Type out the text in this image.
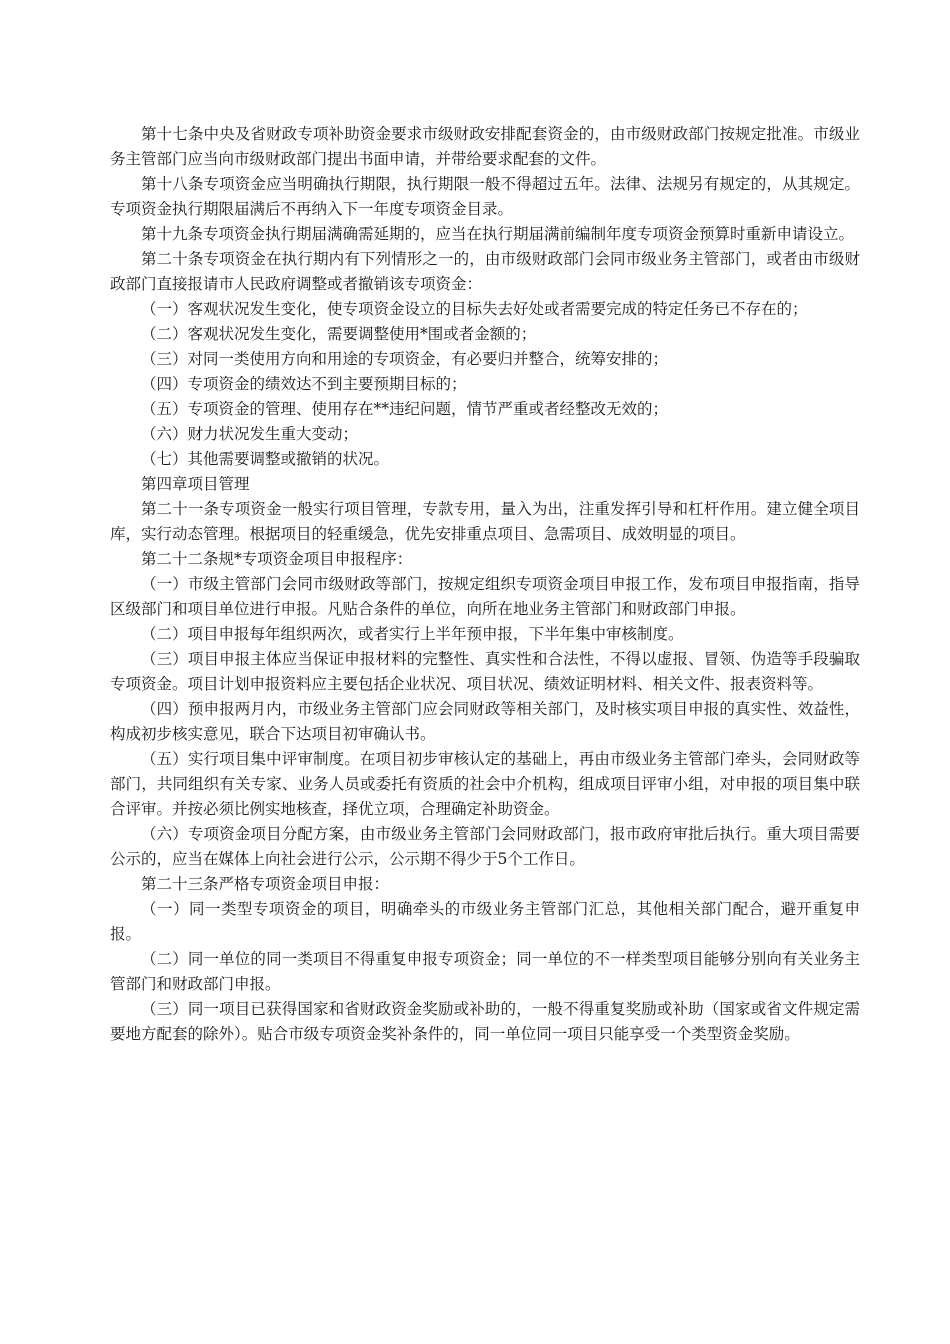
第十七条中央及省财政专项补助资金要求市级财政安排配套资金的，由市级财政部门按规定批准。市级业务主管部门应当向市级财政部门提出书面申请，并带给要求配套的文件。

第十八条专项资金应当明确执行期限，执行期限一般不得超过五年。法律、法规另有规定的，从其规定。专项资金执行期限届满后不再纳入下一年度专项资金目录。

第十九条专项资金执行期届满确需延期的，应当在执行期届满前编制年度专项资金预算时重新申请设立。

第二十条专项资金在执行期内有下列情形之一的，由市级财政部门会同市级业务主管部门，或者由市级财政部门直接报请市人民政府调整或者撤销该专项资金：

（一）客观状况发生变化，使专项资金设立的目标失去好处或者需要完成的特定任务已不存在的；

（二）客观状况发生变化，需要调整使用*围或者金额的；

（三）对同一类使用方向和用途的专项资金，有必要归并整合，统筹安排的；

（四）专项资金的绩效达不到主要预期目标的；

（五）专项资金的管理、使用存在**违纪问题，情节严重或者经整改无效的；

（六）财力状况发生重大变动；

（七）其他需要调整或撤销的状况。

第四章项目管理

第二十一条专项资金一般实行项目管理，专款专用，量入为出，注重发挥引导和杠杆作用。建立健全项目库，实行动态管理。根据项目的轻重缓急，优先安排重点项目、急需项目、成效明显的项目。

第二十二条规*专项资金项目申报程序：

（一）市级主管部门会同市级财政等部门，按规定组织专项资金项目申报工作，发布项目申报指南，指导区级部门和项目单位进行申报。凡贴合条件的单位，向所在地业务主管部门和财政部门申报。

（二）项目申报每年组织两次，或者实行上半年预申报，下半年集中审核制度。

（三）项目申报主体应当保证申报材料的完整性、真实性和合法性，不得以虚报、冒领、伪造等手段骗取专项资金。项目计划申报资料应主要包括企业状况、项目状况、绩效证明材料、相关文件、报表资料等。

（四）预申报两月内，市级业务主管部门应会同财政等相关部门，及时核实项目申报的真实性、效益性，构成初步核实意见，联合下达项目初审确认书。

（五）实行项目集中评审制度。在项目初步审核认定的基础上，再由市级业务主管部门牵头，会同财政等部门，共同组织有关专家、业务人员或委托有资质的社会中介机构，组成项目评审小组，对申报的项目集中联合评审。并按必须比例实地核查，择优立项，合理确定补助资金。

（六）专项资金项目分配方案，由市级业务主管部门会同财政部门，报市政府审批后执行。重大项目需要公示的，应当在媒体上向社会进行公示，公示期不得少于5个工作日。

第二十三条严格专项资金项目申报：

（一）同一类型专项资金的项目，明确牵头的市级业务主管部门汇总，其他相关部门配合，避开重复申报。

（二）同一单位的同一类项目不得重复申报专项资金；同一单位的不一样类型项目能够分别向有关业务主管部门和财政部门申报。

（三）同一项目已获得国家和省财政资金奖励或补助的，一般不得重复奖励或补助（国家或省文件规定需要地方配套的除外）。贴合市级专项资金奖补条件的，同一单位同一项目只能享受一个类型资金奖励。
